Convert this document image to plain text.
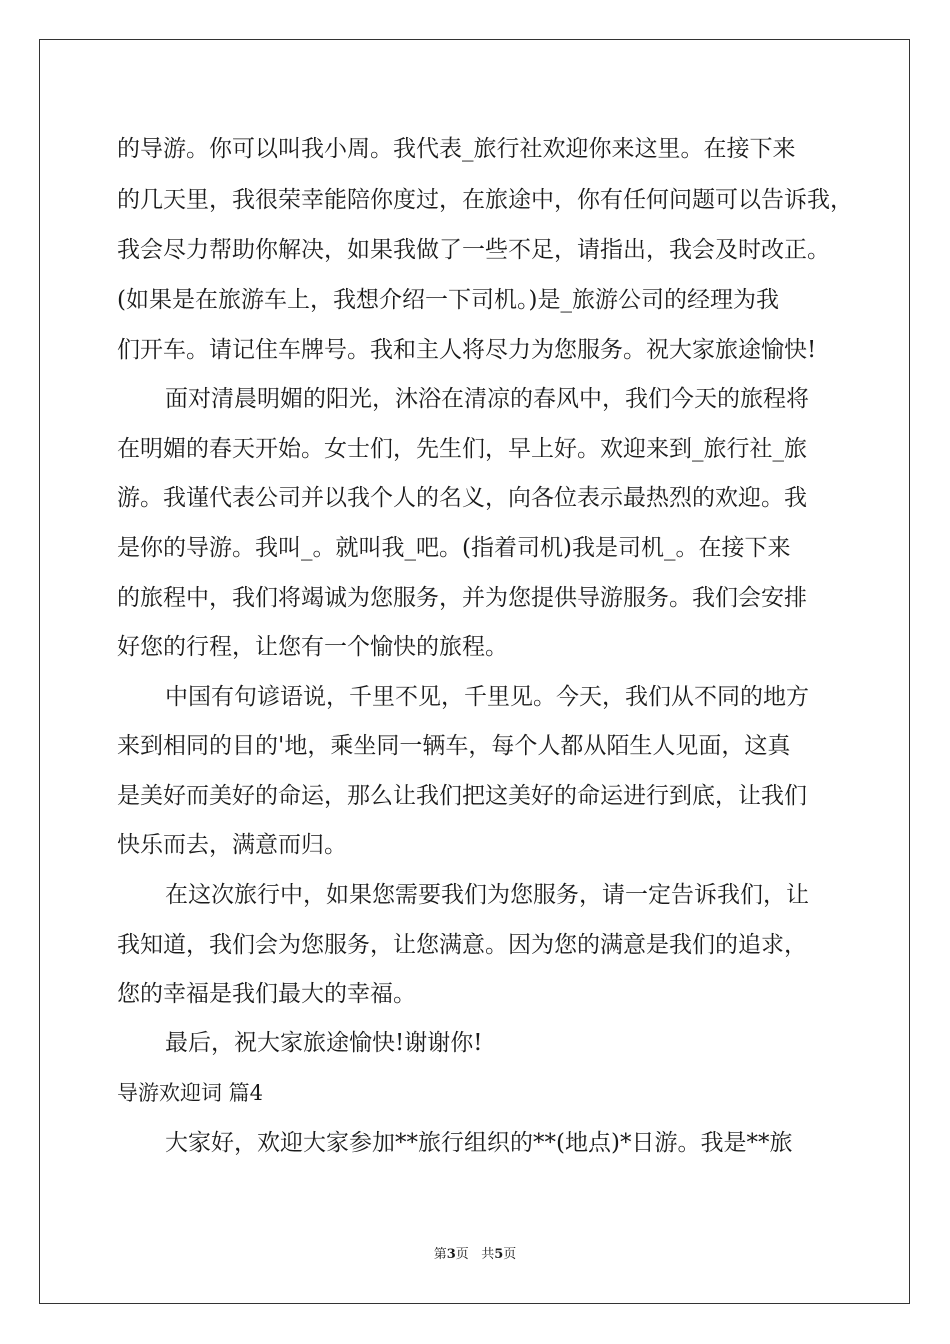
的导游。你可以叫我小周。我代表_旅行社欢迎你来这里。在接下来
的几天里，我很荣幸能陪你度过，在旅途中，你有任何问题可以告诉我，
我会尽力帮助你解决，如果我做了一些不足，请指出，我会及时改正。
(如果是在旅游车上，我想介绍一下司机。)是_旅游公司的经理为我
们开车。请记住车牌号。我和主人将尽力为您服务。祝大家旅途愉快!
面对清晨明媚的阳光，沐浴在清凉的春风中，我们今天的旅程将
在明媚的春天开始。女士们，先生们，早上好。欢迎来到_旅行社_旅
游。我谨代表公司并以我个人的名义，向各位表示最热烈的欢迎。我
是你的导游。我叫_。就叫我_吧。(指着司机)我是司机_。在接下来
的旅程中，我们将竭诚为您服务，并为您提供导游服务。我们会安排
好您的行程，让您有一个愉快的旅程。
中国有句谚语说，千里不见，千里见。今天，我们从不同的地方
来到相同的目的'地，乘坐同一辆车，每个人都从陌生人见面，这真
是美好而美好的命运，那么让我们把这美好的命运进行到底，让我们
快乐而去，满意而归。
在这次旅行中，如果您需要我们为您服务，请一定告诉我们，让
我知道，我们会为您服务，让您满意。因为您的满意是我们的追求，
您的幸福是我们最大的幸福。
最后，祝大家旅途愉快!谢谢你!
导游欢迎词 篇4
大家好，欢迎大家参加**旅行组织的**(地点)*日游。我是**旅
第3页 共5页
